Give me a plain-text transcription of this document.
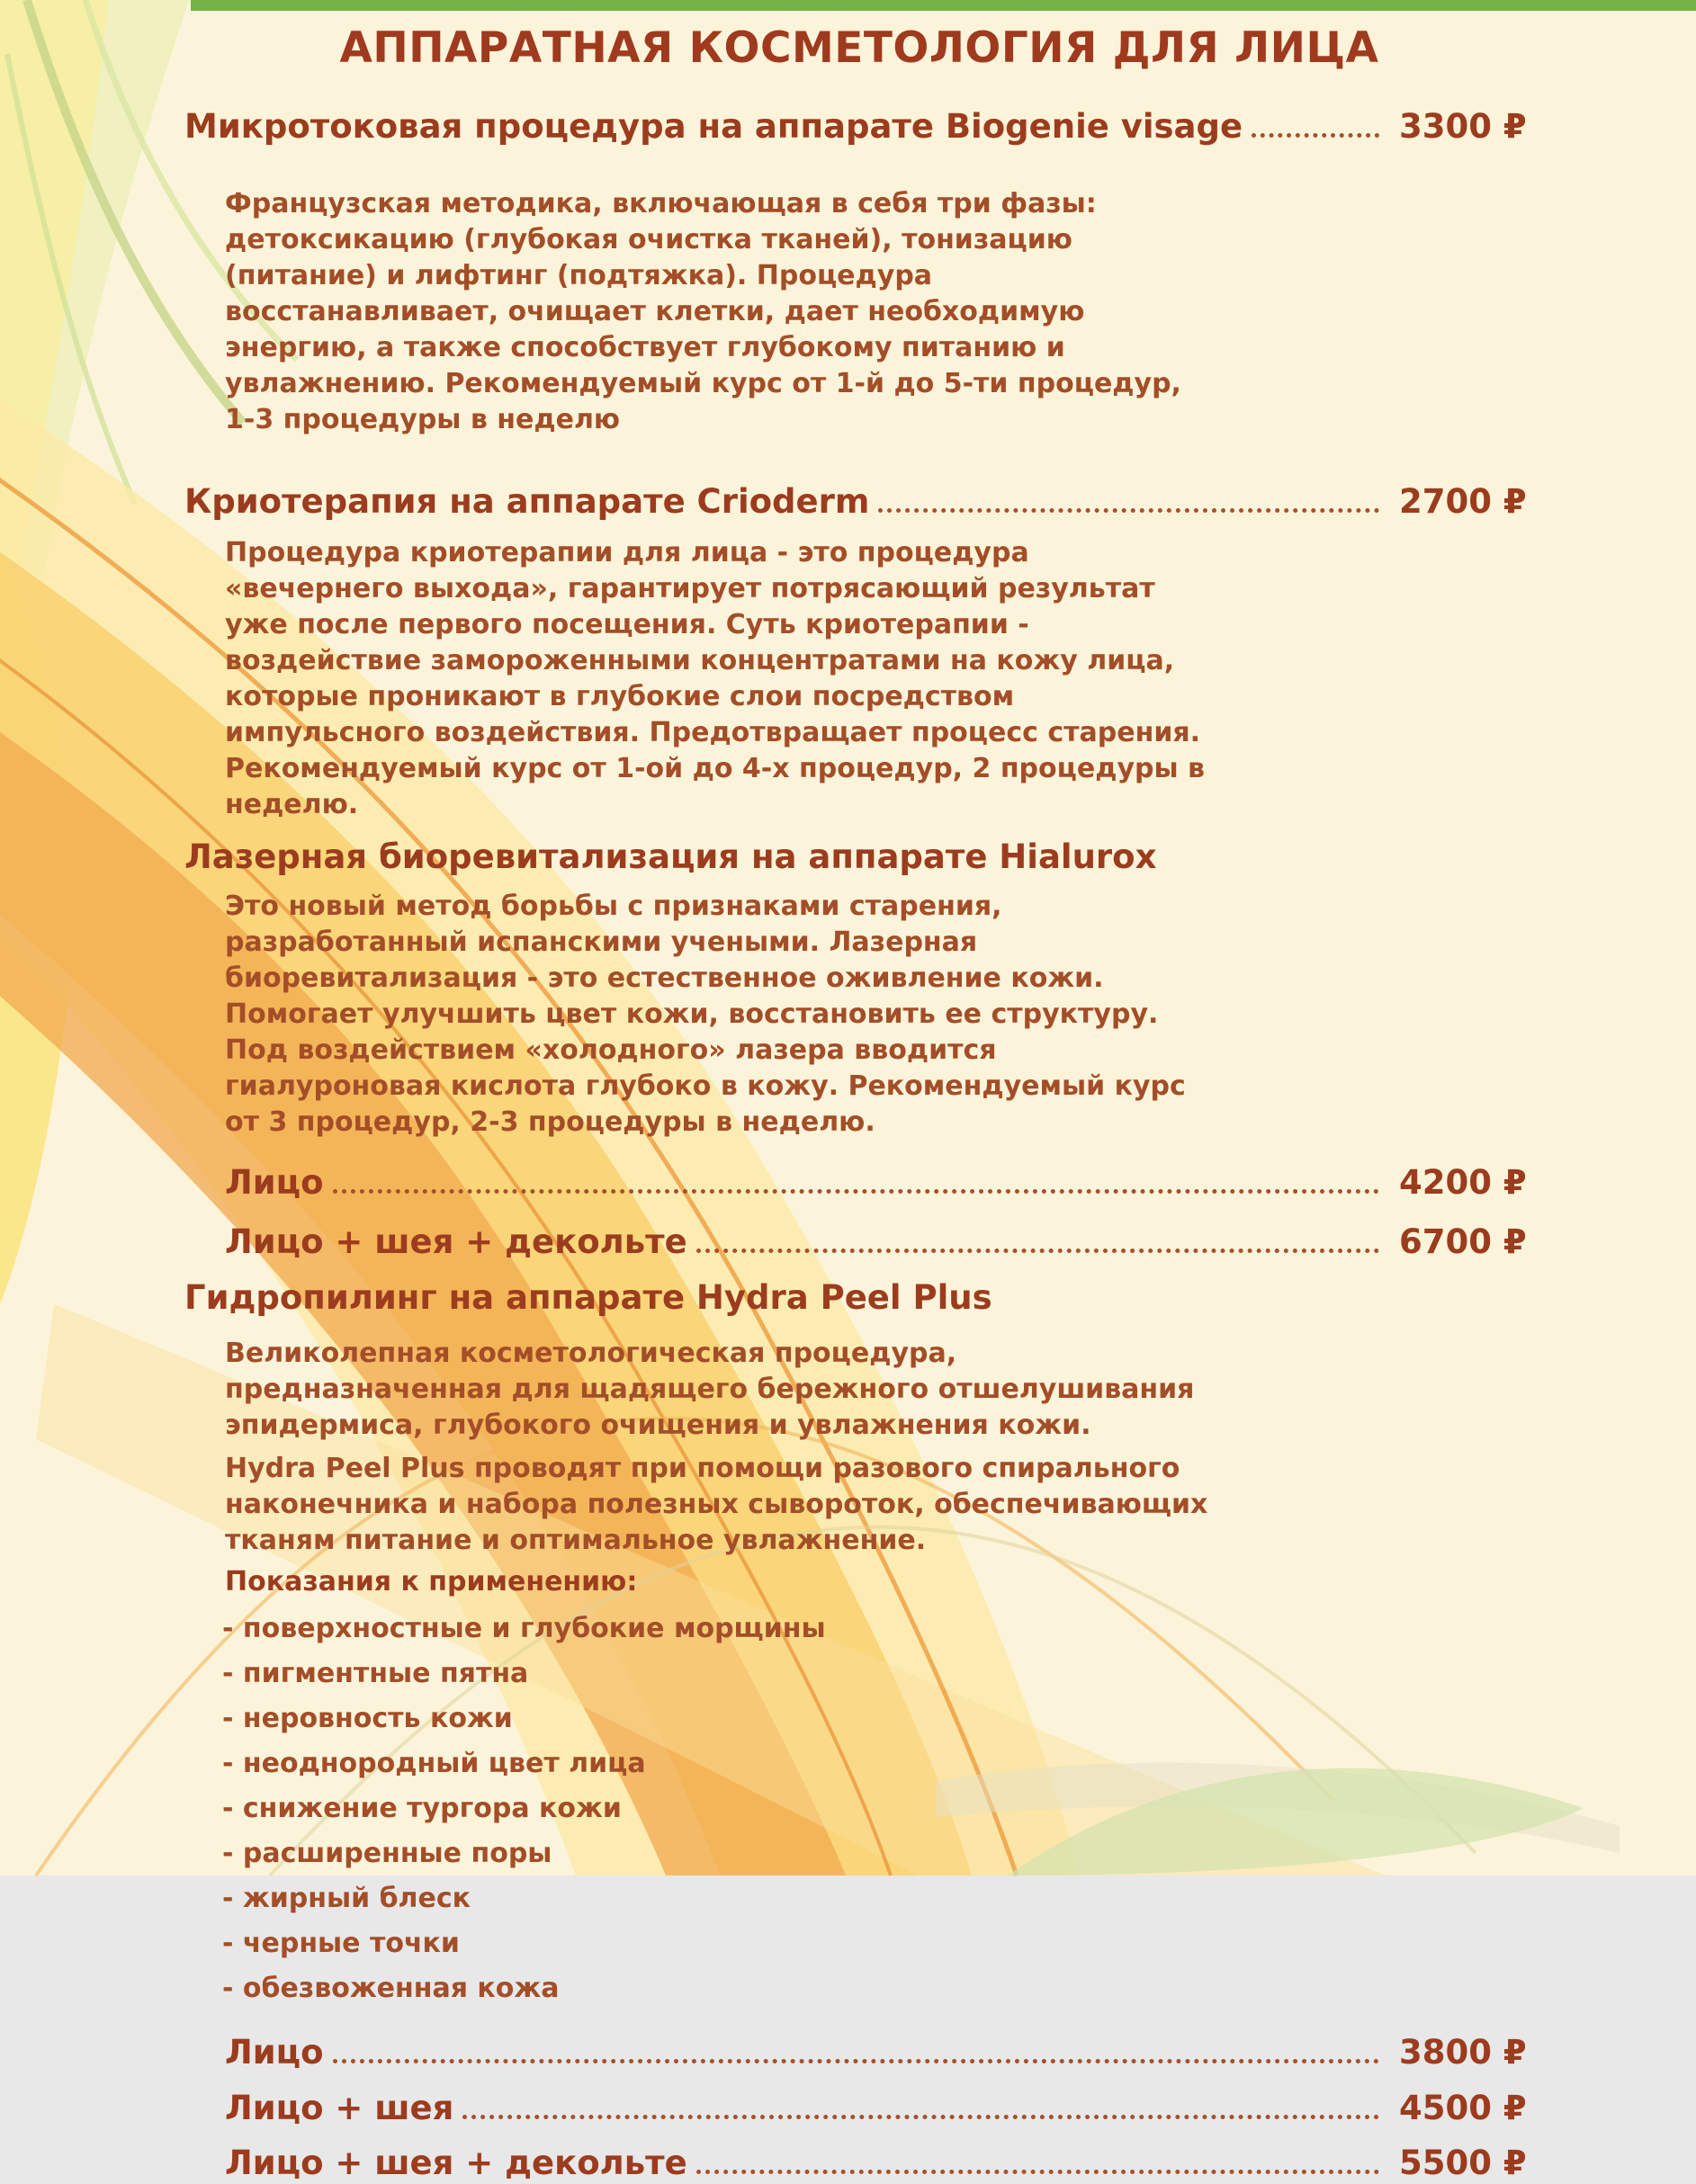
АППАРАТНАЯ КОСМЕТОЛОГИЯ ДЛЯ ЛИЦА
Микротоковая процедура на аппарате Biogenie visage	3300 ₽

Французская методика, включающая в себя три фазы: детоксикацию (глубокая очистка тканей), тонизацию (питание) и лифтинг (подтяжка). Процедура восстанавливает, очищает клетки, дает необходимую энергию, а также способствует глубокому питанию и увлажнению. Рекомендуемый курс от 1-й до 5-ти процедур, 1-3 процедуры в неделю

Криотерапия на аппарате Crioderm	2700 ₽

Процедура криотерапии для лица - это процедура «вечернего выхода», гарантирует потрясающий результат уже после первого посещения. Суть криотерапии - воздействие замороженными концентратами на кожу лица, которые проникают в глубокие слои посредством импульсного воздействия. Предотвращает процесс старения. Рекомендуемый курс от 1-ой до 4-х процедур, 2 процедуры в неделю.

Лазерная биоревитализация на аппарате Hialurox

Это новый метод борьбы с признаками старения, разработанный испанскими учеными. Лазерная биоревитализация - это естественное оживление кожи. Помогает улучшить цвет кожи, восстановить ее структуру. Под воздействием «холодного» лазера вводится гиалуроновая кислота глубоко в кожу. Рекомендуемый курс от 3 процедур, 2-3 процедуры в неделю.

Лицо	4200 ₽
Лицо + шея + декольте	6700 ₽
Гидропилинг на аппарате Hydra Peel Plus

Великолепная косметологическая процедура, предназначенная для щадящего бережного отшелушивания эпидермиса, глубокого очищения и увлажнения кожи.

Hydra Peel Plus проводят при помощи разового спирального наконечника и набора полезных сывороток, обеспечивающих тканям питание и оптимальное увлажнение.

Показания к применению:

- поверхностные и глубокие морщины

- пигментные пятна

- неровность кожи

- неоднородный цвет лица

- снижение тургора кожи

- расширенные поры

- жирный блеск

- черные точки

- обезвоженная кожа

Лицо	3800 ₽
Лицо + шея	4500 ₽
Лицо + шея + декольте	5500 ₽
